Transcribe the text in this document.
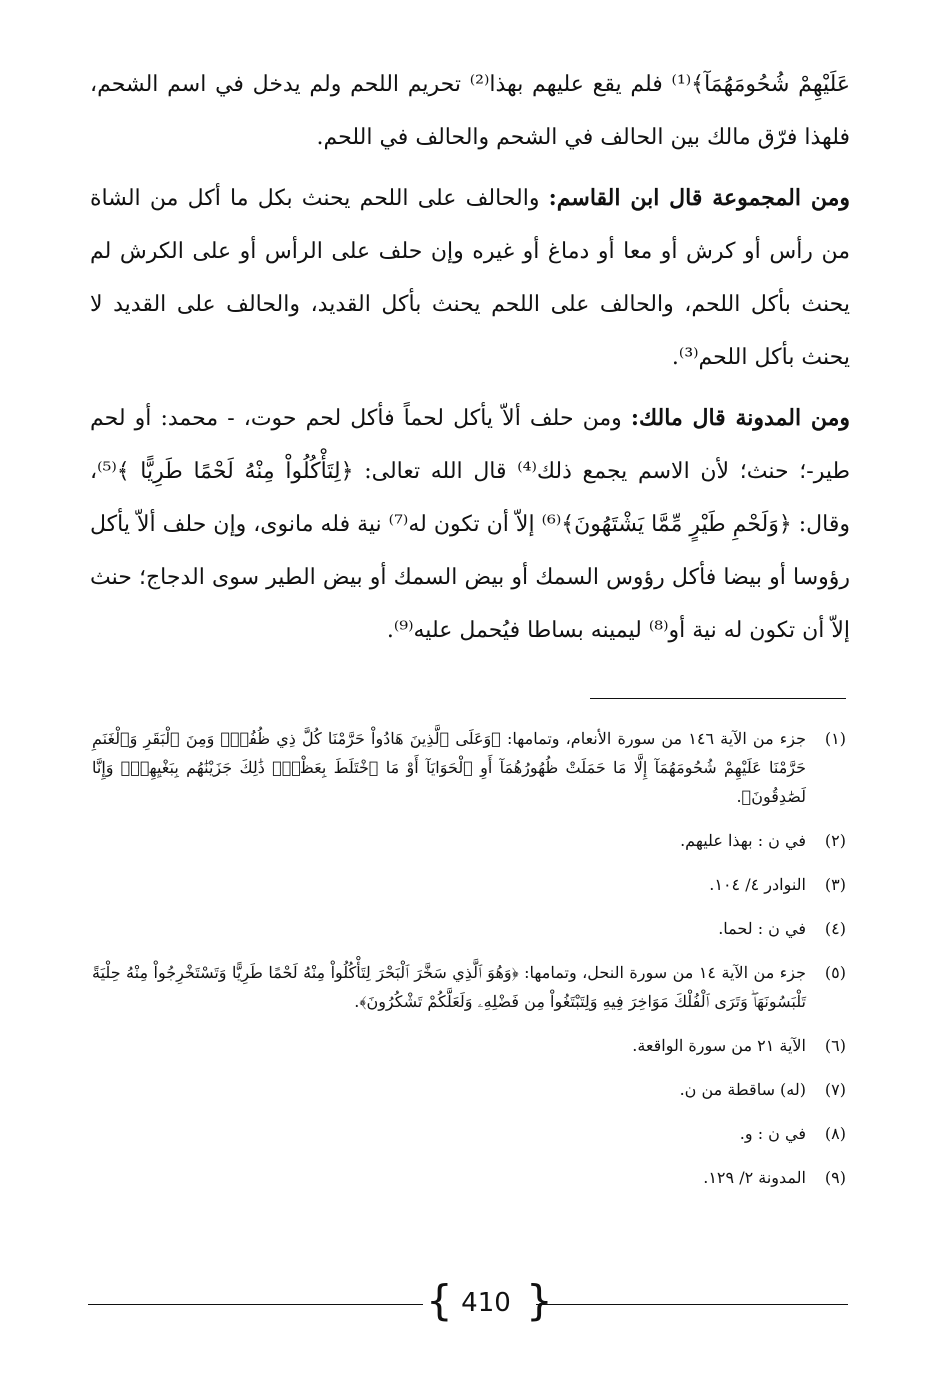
عَلَيْهِمْ شُحُومَهُمَآ﴾⁽¹⁾ فلم يقع عليهم بهذا⁽²⁾ تحريم اللحم ولم يدخل في اسم الشحم، فلهذا فرّق مالك بين الحالف في الشحم والحالف في اللحم.

ومن المجموعة قال ابن القاسم: والحالف على اللحم يحنث بكل ما أكل من الشاة من رأس أو كرش أو معا أو دماغ أو غيره وإن حلف على الرأس أو على الكرش لم يحنث بأكل اللحم، والحالف على اللحم يحنث بأكل القديد، والحالف على القديد لا يحنث بأكل اللحم⁽³⁾.

ومن المدونة قال مالك: ومن حلف ألاّ يأكل لحماً فأكل لحم حوت، - محمد: أو لحم طير-؛ حنث؛ لأن الاسم يجمع ذلك⁽⁴⁾ قال الله تعالى: ﴿لِتَأْكُلُواْ مِنْهُ لَحْمًا طَرِيًّا ﴾⁽⁵⁾، وقال: ﴿وَلَحْمِ طَيْرٍ مِّمَّا يَشْتَهُونَ﴾⁽⁶⁾ إلاّ أن تكون له⁽⁷⁾ نية فله مانوى، وإن حلف ألاّ يأكل رؤوسا أو بيضا فأكل رؤوس السمك أو بيض السمك أو بيض الطير سوى الدجاج؛ حنث إلاّ أن تكون له نية أو⁽⁸⁾ ليمينه بساطا فيُحمل عليه⁽⁹⁾.

(١)
جزء من الآية ١٤٦ من سورة الأنعام، وتمامها: ﴿وَعَلَى ٱلَّذِينَ هَادُواْ حَرَّمْنَا كُلَّ ذِي ظُفُرٍۖ وَمِنَ ٱلْبَقَرِ وَٱلْغَنَمِ حَرَّمْنَا عَلَيْهِمْ شُحُومَهُمَآ إِلَّا مَا حَمَلَتْ ظُهُورُهُمَآ أَوِ ٱلْحَوَايَآ أَوْ مَا ٱخْتَلَطَ بِعَظْمٍۚ ذَٰلِكَ جَزَيْنَٰهُم بِبَغْيِهِمْۖ وَإِنَّا لَصَٰدِقُونَ﴾.
(٢)
في ن : بهذا عليهم.
(٣)
النوادر ٤/ ١٠٤.
(٤)
في ن : لحما.
(٥)
جزء من الآية ١٤ من سورة النحل، وتمامها: ﴿وَهُوَ ٱلَّذِي سَخَّرَ ٱلْبَحْرَ لِتَأْكُلُواْ مِنْهُ لَحْمًا طَرِيًّا وَتَسْتَخْرِجُواْ مِنْهُ حِلْيَةً تَلْبَسُونَهَاۖ وَتَرَى ٱلْفُلْكَ مَوَاخِرَ فِيهِ وَلِتَبْتَغُواْ مِن فَضْلِهِۦ وَلَعَلَّكُمْ تَشْكُرُونَ﴾.
(٦)
الآية ٢١ من سورة الواقعة.
(٧)
(له) ساقطة من ن.
(٨)
في ن : و.
(٩)
المدونة ٢/ ١٢٩.
{ 410 }
